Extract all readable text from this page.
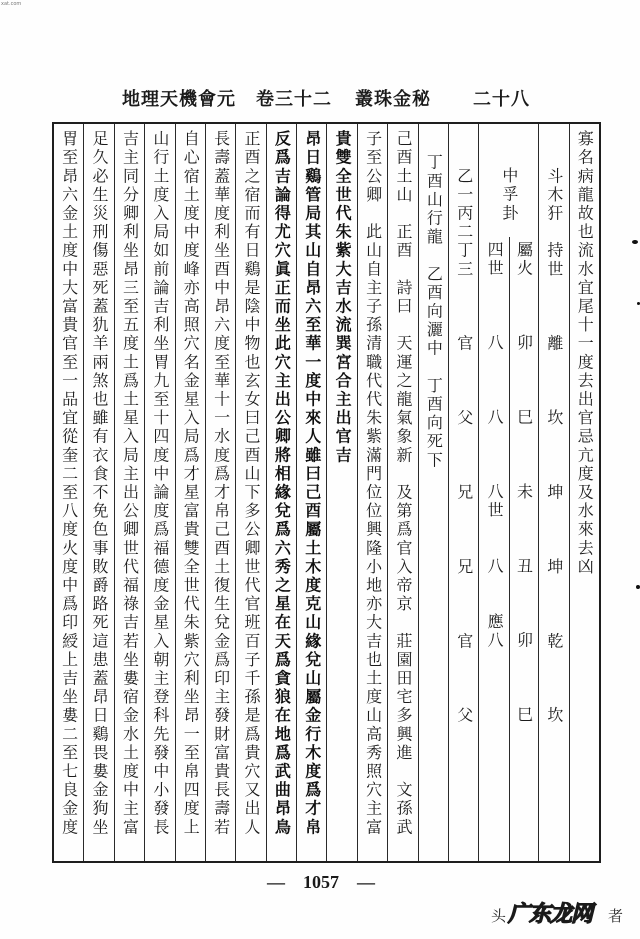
xat.com
地理天機會元 卷三十二 叢珠金秘 二十八
寡名病龍故也流水宜尾十一度去出官忌亢度及水來去凶
　　斗木犴　持世　　　離　　　坎　　　坤　　　坤　　　乾　　　坎
中孚卦
屬火　　　卯　　　巳　　　未　　　丑　　　卯　　　巳
四世　　　八　　　八　　　八世　　八　　應八
　　乙一丙二丁三　　　官　　　父　　　兄　　　兄　　　官　　　父
　丁酉山行龍　乙酉向灑中　丁酉向死下
己酉土山　正酉　詩曰　天運之龍氣象新　及第爲官入帝京　莊園田宅多興進　文孫武
子至公卿　此山自主子孫清職代代朱紫滿門位位興隆小地亦大吉也土度山高秀照穴主富
貴雙全世代朱紫大吉水流巽宮合主出官吉
昂日鷄管局其山自昂六至華一度中來人雖曰己酉屬土木度克山緣兌山屬金行木度爲才帛
反爲吉論得尤穴眞正而坐此穴主出公卿將相緣兌爲六秀之星在天爲貪狼在地爲武曲昂鳥
正酉之宿而有日鷄是陰中物也玄女曰己酉山下多公卿世代官班百子千孫是爲貴穴又出人
長壽蓋華度利坐酉中昂六度至華十一水度爲才帛己酉土復生兌金爲印主發財富貴長壽若
自心宿土度中度峰亦高照穴名金星入局爲才星富貴雙全世代朱紫穴利坐昂一至帛四度上
山行土度入局如前論吉利坐胃九至十四度中論度爲福德度金星入朝主登科先發中小發長
吉主同分卿利坐昂三至五度土爲土星入局主出公卿世代福祿吉若坐婁宿金水土度中主富
足久必生災刑傷惡死蓋犰羊兩煞也雖有衣食不免色事敗爵路死這患蓋昂日鷄畏婁金狗坐
胃至昂六金土度中大富貴官至一品宜從奎二至八度火度中爲印綬上吉坐婁二至七良金度
— 1057 —
头 广东龙网 者
